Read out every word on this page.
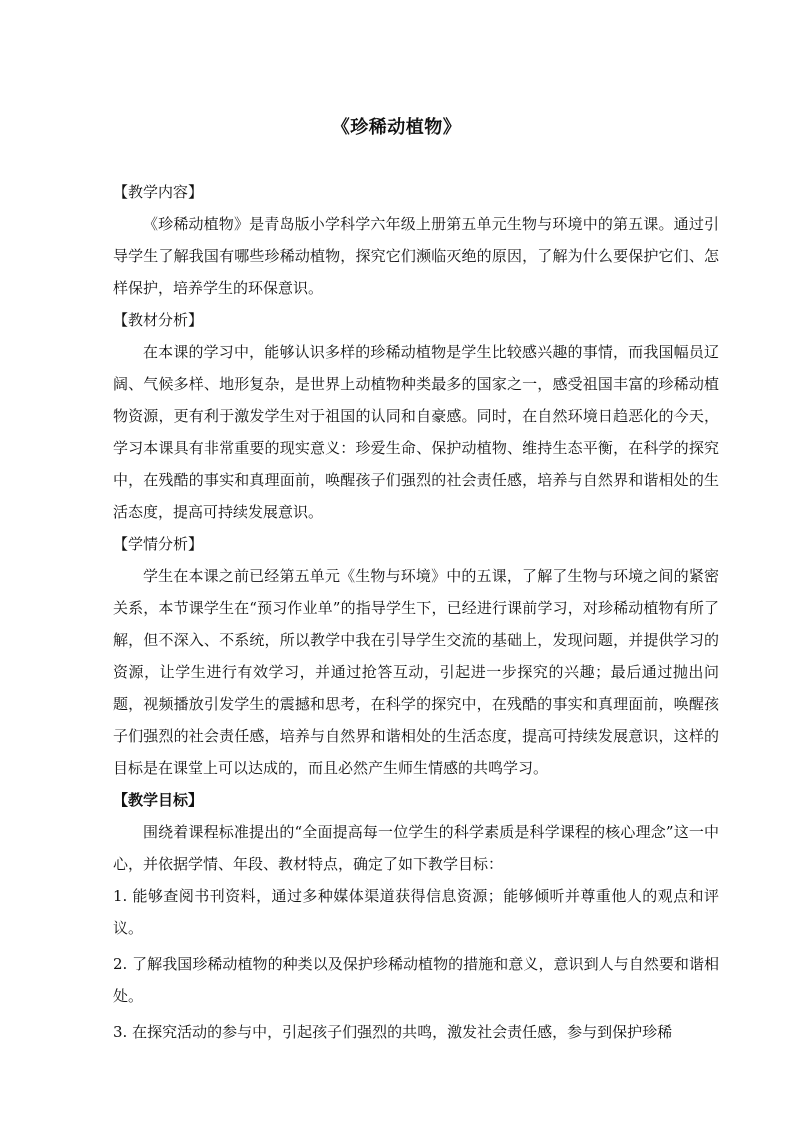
《珍稀动植物》
【教学内容】

《珍稀动植物》是青岛版小学科学六年级上册第五单元生物与环境中的第五课。通过引导学生了解我国有哪些珍稀动植物，探究它们濒临灭绝的原因，了解为什么要保护它们、怎样保护，培养学生的环保意识。

【教材分析】

在本课的学习中，能够认识多样的珍稀动植物是学生比较感兴趣的事情，而我国幅员辽阔、气候多样、地形复杂，是世界上动植物种类最多的国家之一，感受祖国丰富的珍稀动植物资源，更有利于激发学生对于祖国的认同和自豪感。同时，在自然环境日趋恶化的今天，学习本课具有非常重要的现实意义：珍爱生命、保护动植物、维持生态平衡，在科学的探究中，在残酷的事实和真理面前，唤醒孩子们强烈的社会责任感，培养与自然界和谐相处的生活态度，提高可持续发展意识。

【学情分析】

学生在本课之前已经第五单元《生物与环境》中的五课，了解了生物与环境之间的紧密关系，本节课学生在“预习作业单”的指导学生下，已经进行课前学习，对珍稀动植物有所了解，但不深入、不系统，所以教学中我在引导学生交流的基础上，发现问题，并提供学习的资源，让学生进行有效学习，并通过抢答互动，引起进一步探究的兴趣；最后通过抛出问题，视频播放引发学生的震撼和思考，在科学的探究中，在残酷的事实和真理面前，唤醒孩子们强烈的社会责任感，培养与自然界和谐相处的生活态度，提高可持续发展意识，这样的目标是在课堂上可以达成的，而且必然产生师生情感的共鸣学习。

【教学目标】

围绕着课程标准提出的“全面提高每一位学生的科学素质是科学课程的核心理念”这一中心，并依据学情、年段、教材特点，确定了如下教学目标：

1. 能够查阅书刊资料，通过多种媒体渠道获得信息资源；能够倾听并尊重他人的观点和评议。

2. 了解我国珍稀动植物的种类以及保护珍稀动植物的措施和意义，意识到人与自然要和谐相处。

3. 在探究活动的参与中，引起孩子们强烈的共鸣，激发社会责任感，参与到保护珍稀
